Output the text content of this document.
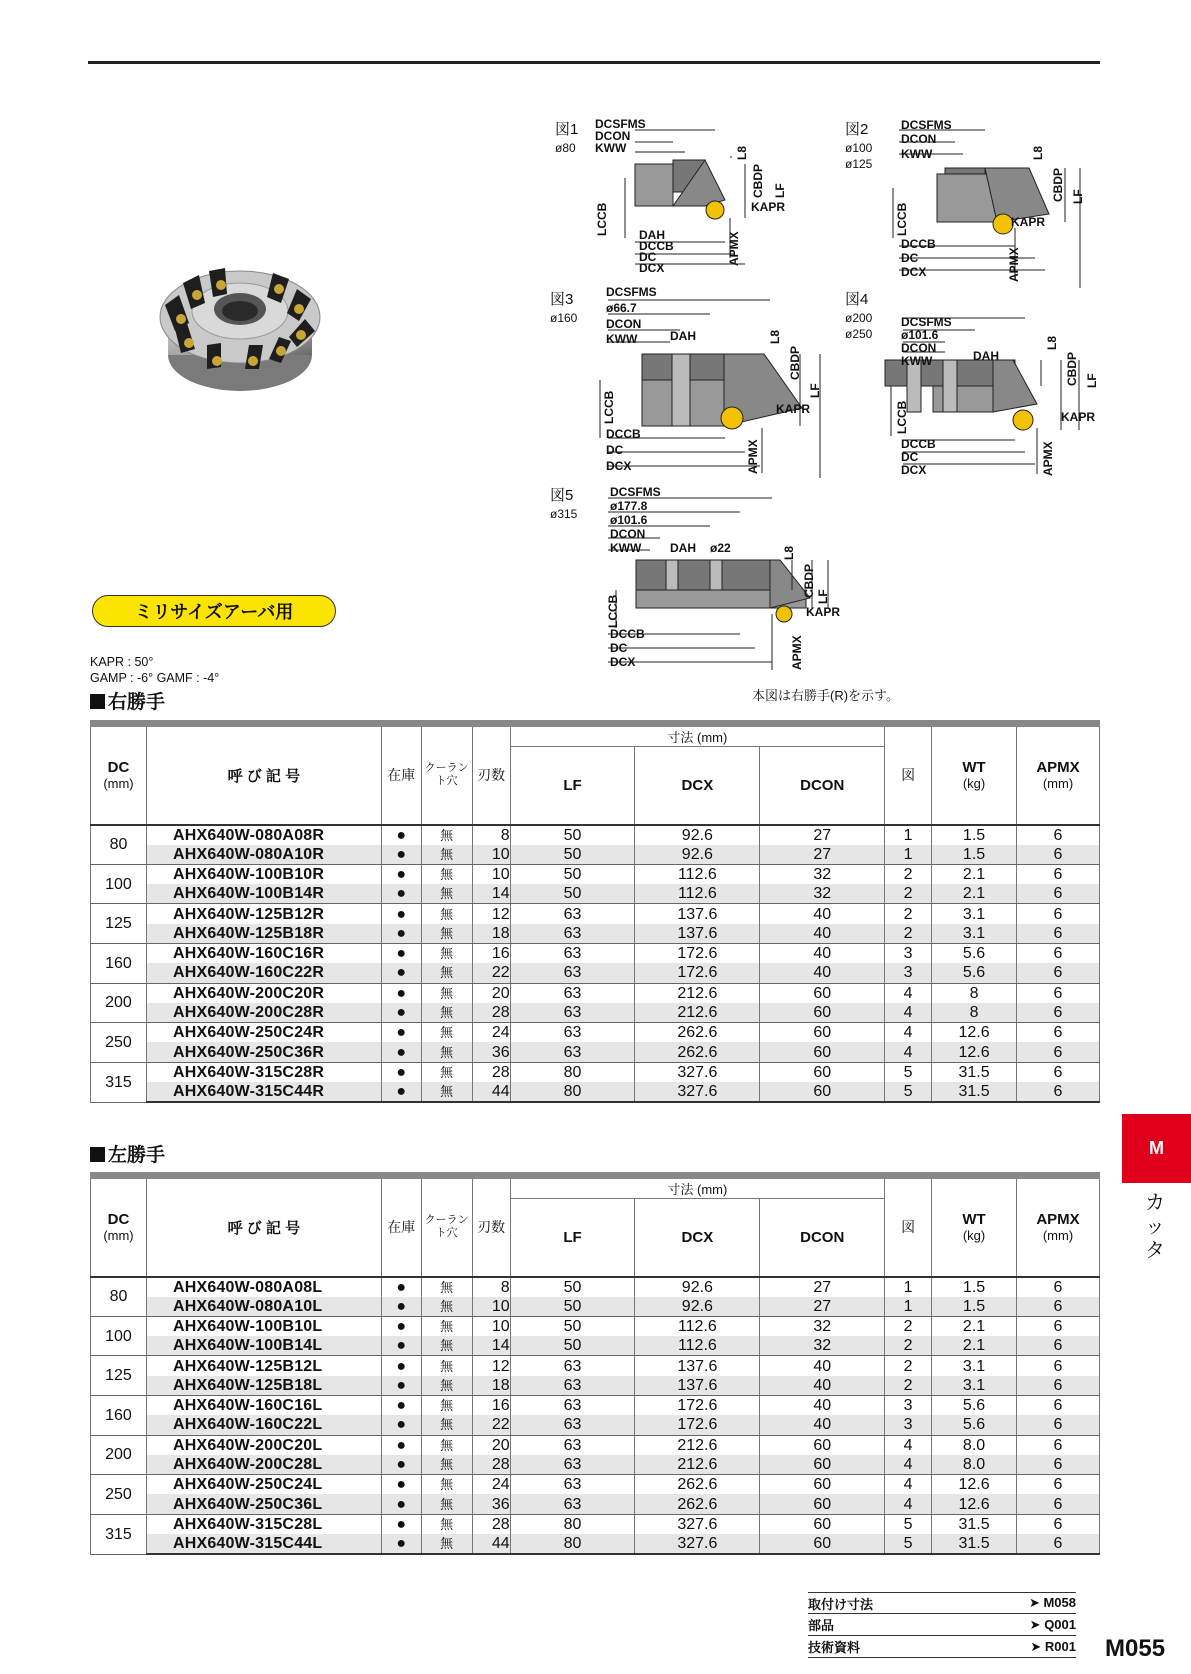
図1
ø80
DCSFMS
DCON
KWW	L8
CBDP LF
KAPR
LCCB	DAH
DCCB
DC
DCX
APMX
図2
ø100
ø125
DCSFMS
DCON
KWW	L8
CBDP LF
KAPR
LCCB
DCCB
DC
DCX	APMX
図3
ø160
DCSFMS
ø66.7
DCON
KWW	DAH	L8
CBDP
LF
KAPR
LCCB
DCCB
DC
DCX	APMX
図4
ø200
ø250
DCSFMS
ø101.6
DCON
KWW	DAH
L8
CBDP LF
KAPR
LCCB
DCCB
DC
DCX	APMX
図5
ø315
DCSFMS
ø177.8
ø101.6
DCON
KWW DAH ø22	L8
CBDP LF
KAPR
LCCB
DCCB
DC
DCX	APMX
本図は右勝手(R)を示す。
ミリサイズアーバ用
KAPR : 50°
GAMP : -6° GAMF : -4°
右勝手
DC
(mm)	呼 び 記 号	在庫	クーラント穴	刃数	寸法 (mm)			図	WT
(kg)	APMX
(mm)

					LF	DCX	DCON			
80	AHX640W-080A08R	●	無	8	50	92.6	27	1	1.5	6
	AHX640W-080A10R	●	無	10	50	92.6	27	1	1.5	6
100	AHX640W-100B10R	●	無	10	50	112.6	32	2	2.1	6
	AHX640W-100B14R	●	無	14	50	112.6	32	2	2.1	6
125	AHX640W-125B12R	●	無	12	63	137.6	40	2	3.1	6
	AHX640W-125B18R	●	無	18	63	137.6	40	2	3.1	6
160	AHX640W-160C16R	●	無	16	63	172.6	40	3	5.6	6
	AHX640W-160C22R	●	無	22	63	172.6	40	3	5.6	6
200	AHX640W-200C20R	●	無	20	63	212.6	60	4	8	6
	AHX640W-200C28R	●	無	28	63	212.6	60	4	8	6
250	AHX640W-250C24R	●	無	24	63	262.6	60	4	12.6	6
	AHX640W-250C36R	●	無	36	63	262.6	60	4	12.6	6
315	AHX640W-315C28R	●	無	28	80	327.6	60	5	31.5	6
	AHX640W-315C44R	●	無	44	80	327.6	60	5	31.5	6
左勝手
DC
(mm)	呼 び 記 号	在庫	クーラント穴	刃数	寸法 (mm)			図	WT
(kg)	APMX
(mm)

					LF	DCX	DCON			
80	AHX640W-080A08L	●	無	8	50	92.6	27	1	1.5	6
	AHX640W-080A10L	●	無	10	50	92.6	27	1	1.5	6
100	AHX640W-100B10L	●	無	10	50	112.6	32	2	2.1	6
	AHX640W-100B14L	●	無	14	50	112.6	32	2	2.1	6
125	AHX640W-125B12L	●	無	12	63	137.6	40	2	3.1	6
	AHX640W-125B18L	●	無	18	63	137.6	40	2	3.1	6
160	AHX640W-160C16L	●	無	16	63	172.6	40	3	5.6	6
	AHX640W-160C22L	●	無	22	63	172.6	40	3	5.6	6
200	AHX640W-200C20L	●	無	20	63	212.6	60	4	8.0	6
	AHX640W-200C28L	●	無	28	63	212.6	60	4	8.0	6
250	AHX640W-250C24L	●	無	24	63	262.6	60	4	12.6	6
	AHX640W-250C36L	●	無	36	63	262.6	60	4	12.6	6
315	AHX640W-315C28L	●	無	28	80	327.6	60	5	31.5	6
	AHX640W-315C44L	●	無	44	80	327.6	60	5	31.5	6
M
カッタ
取付け寸法	➤ M058
部品	➤ Q001
技術資料	➤ R001 M055
